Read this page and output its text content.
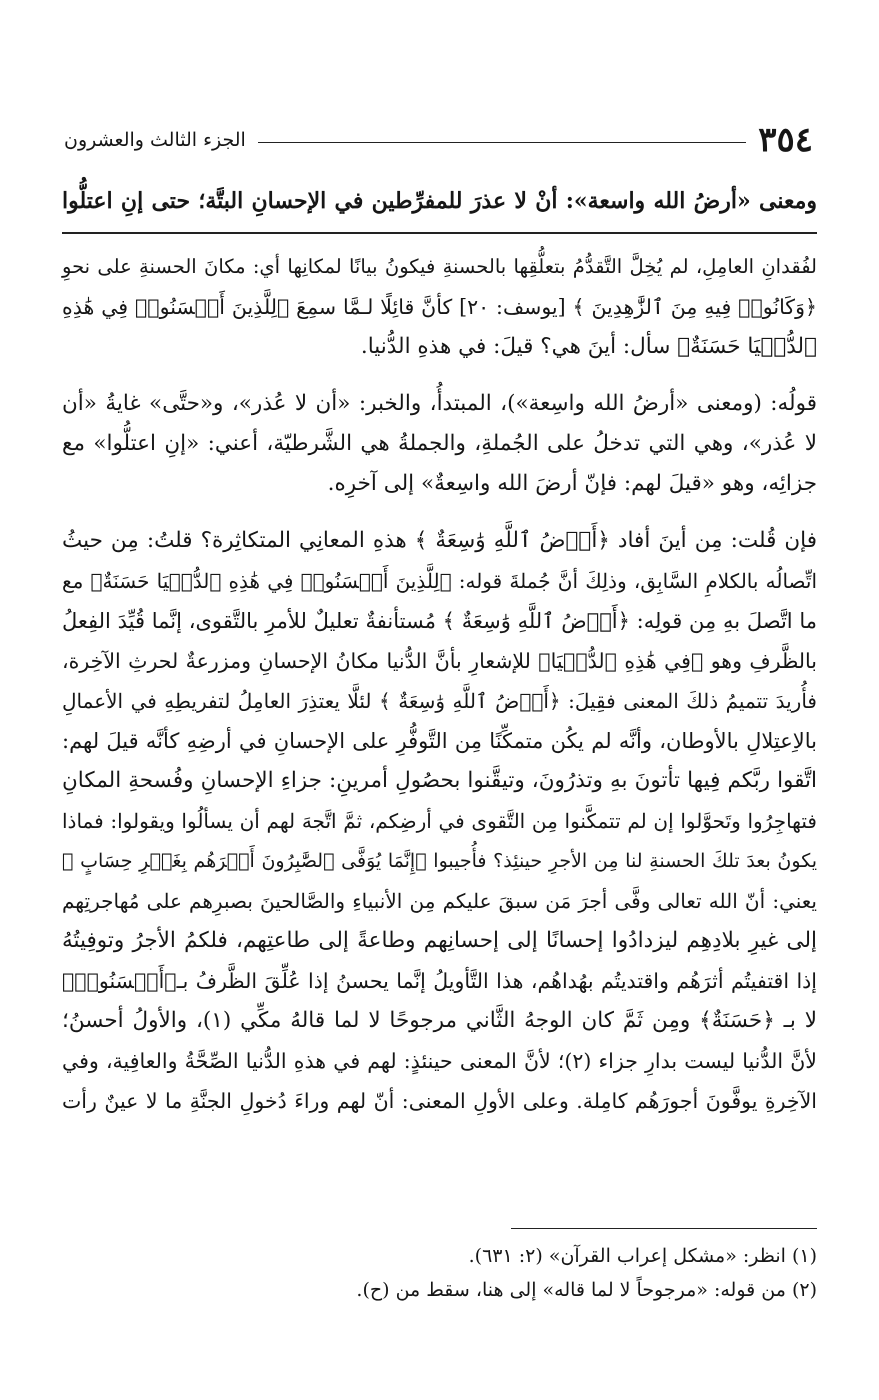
٣٥٤
الجزء الثالث والعشرون
ومعنى «أرضُ الله واسعة»: أنْ لا عذرَ للمفرِّطين في الإحسانِ البتَّة؛ حتى إنِ اعتلُّوا

لفُقدانِ العامِلِ، لم يُخِلَّ التَّقدُّمُ بتعلُّقِها بالحسنةِ فيكونُ بيانًا لمكانِها أي: مكانَ الحسنةِ على نحوِ

﴿وَكَانُوا۟ فِيهِ مِنَ ٱلزَّٰهِدِينَ ﴾ [يوسف: ٢٠] كأنَّ قائِلًا لـمَّا سمِعَ ﴿لِلَّذِينَ أَحۡسَنُوا۟ فِي هَٰذِهِ

ٱلدُّنۡيَا حَسَنَةٌ﴾ سأل: أينَ هي؟ قيلَ: في هذهِ الدُّنيا.

قولُه: (ومعنى «أرضُ الله واسِعة»)، المبتدأُ، والخبر: «أن لا عُذر»، و«حتَّى» غايةُ «أن

لا عُذر»، وهي التي تدخلُ على الجُملةِ، والجملةُ هي الشَّرطيّة، أعني: «إنِ اعتلُّوا» مع

جزائِه، وهو «قيلَ لهم: فإنّ أرضَ الله واسِعةٌ» إلى آخرِه.

فإن قُلت: مِن أينَ أفاد ﴿أَرۡضُ ٱللَّهِ وَٰسِعَةٌ ﴾ هذهِ المعانِي المتكاثِرة؟ قلتُ: مِن حيثُ

اتِّصالُه بالكلامِ السَّابِق، وذلِكَ أنَّ جُملةَ قوله: ﴿لِلَّذِينَ أَحۡسَنُوا۟ فِي هَٰذِهِ ٱلدُّنۡيَا حَسَنَةٌ﴾ مع

ما اتَّصلَ بهِ مِن قولِه: ﴿أَرۡضُ ٱللَّهِ وَٰسِعَةٌ ﴾ مُستأنفةٌ تعليلٌ للأمرِ بالتَّقوى، إنَّما قُيِّدَ الفِعلُ

بالظَّرفِ وهو ﴿فِي هَٰذِهِ ٱلدُّنۡيَا﴾ للإشعارِ بأنَّ الدُّنيا مكانُ الإحسانِ ومزرعةٌ لحرثِ الآخِرة،

فأُريدَ تتميمُ ذلكَ المعنى فقِيلَ: ﴿أَرۡضُ ٱللَّهِ وَٰسِعَةٌ ﴾ لئلَّا يعتذِرَ العامِلُ لتفريطِهِ في الأعمالِ

بالاِعتِلالِ بالأوطان، وأنَّه لم يكُن متمكِّنًا مِن التَّوفُّرِ على الإحسانِ في أرضِهِ كأنَّه قيلَ لهم:

اتَّقوا ربَّكم فِيها تأتونَ بهِ وتذرُونَ، وتيقَّنوا بحصُولِ أمرينِ: جزاءِ الإحسانِ وفُسحةِ المكانِ

فتهاجِرُوا وتَحوَّلوا إن لم تتمكَّنوا مِن التَّقوى في أرضِكم، ثمَّ اتَّجهَ لهم أن يسألُوا ويقولوا: فماذا

يكونُ بعدَ تلكَ الحسنةِ لنا مِن الأجرِ حينئِذ؟ فأُجيبوا ﴿إِنَّمَا يُوَفَّى ٱلصَّٰبِرُونَ أَجۡرَهُم بِغَيۡرِ حِسَابٍ ﴾

يعني: أنّ الله تعالى وفَّى أجرَ مَن سبقَ عليكم مِن الأنبياءِ والصَّالحينَ بصبرِهم على مُهاجرتِهم

إلى غيرِ بلادِهِم ليزدادُوا إحسانًا إلى إحسانِهم وطاعةً إلى طاعتِهم، فلكمُ الأجرُ وتوفِيتُهُ

إذا اقتفيتُم أثرَهُم واقتديتُم بهُداهُم، هذا التَّأويلُ إنَّما يحسنُ إذا عُلِّقَ الظَّرفُ بـ﴿أَحۡسَنُوا۟﴾

لا بـ ﴿حَسَنَةٌ﴾ ومِن ثَمَّ كان الوجهُ الثَّاني مرجوحًا لا لما قالهُ مكِّي (١)، والأولُ أحسنُ؛

لأنَّ الدُّنيا ليست بدارِ جزاء (٢)؛ لأنَّ المعنى حينئذٍ: لهم في هذهِ الدُّنيا الصِّحَّةُ والعافِية، وفي

الآخِرةِ يوفَّونَ أجورَهُم كامِلة. وعلى الأولِ المعنى: أنّ لهم وراءَ دُخولِ الجنَّةِ ما لا عينٌ رأت

(١) انظر: «مشكل إعراب القرآن» (٢: ٦٣١).

(٢) من قوله: «مرجوحاً لا لما قاله» إلى هنا، سقط من (ح).
